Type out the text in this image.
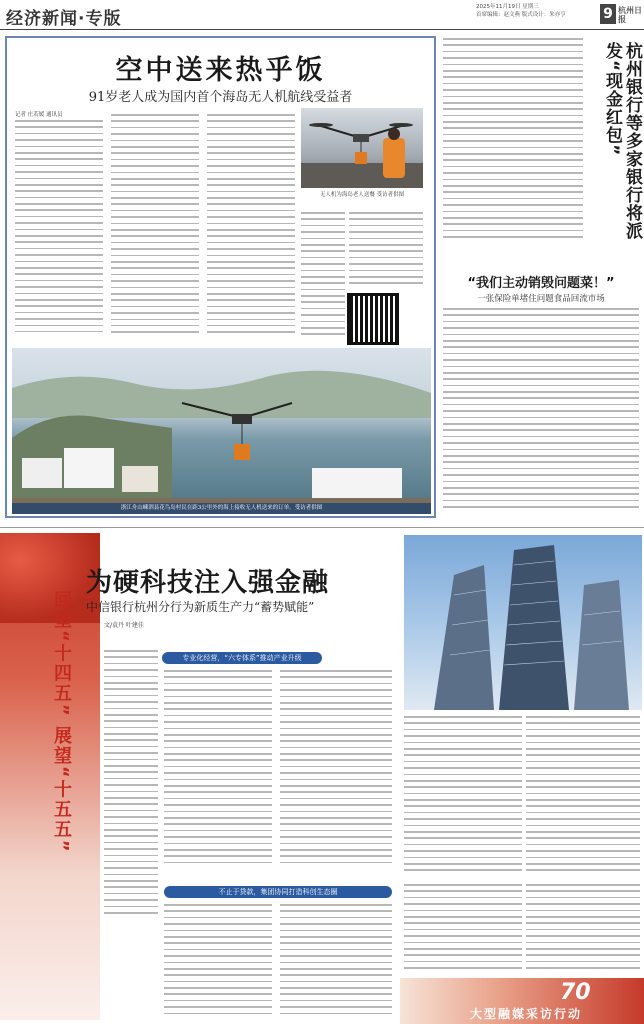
经济新闻·专版
2025年11月19日 星期三
首席编辑：赵文燕 版式设计：朱亦亨	9 杭州日报
空中送来热乎饭
91岁老人成为国内首个海岛无人机航线受益者
记者 庄若媛 通讯员
无人机为海岛老人送餐 受访者供图
浙江舟山嵊泗县花鸟岛村民在距3公里外的海上接收无人机送来的订单。受访者供图
杭州银行等多家银行将派发“现金红包”
“我们主动销毁问题菜！”
一张保险单堵住问题食品回流市场
回望“十四五” 展望“十五五”
为硬科技注入强金融
中信银行杭州分行为新质生产力“蓄势赋能”
文/袁丹 叶建佳
专业化经营，“六专体系”推动产业升级
不止于贷款，集团协同打造科创生态圈
70
大型融媒采访行动
